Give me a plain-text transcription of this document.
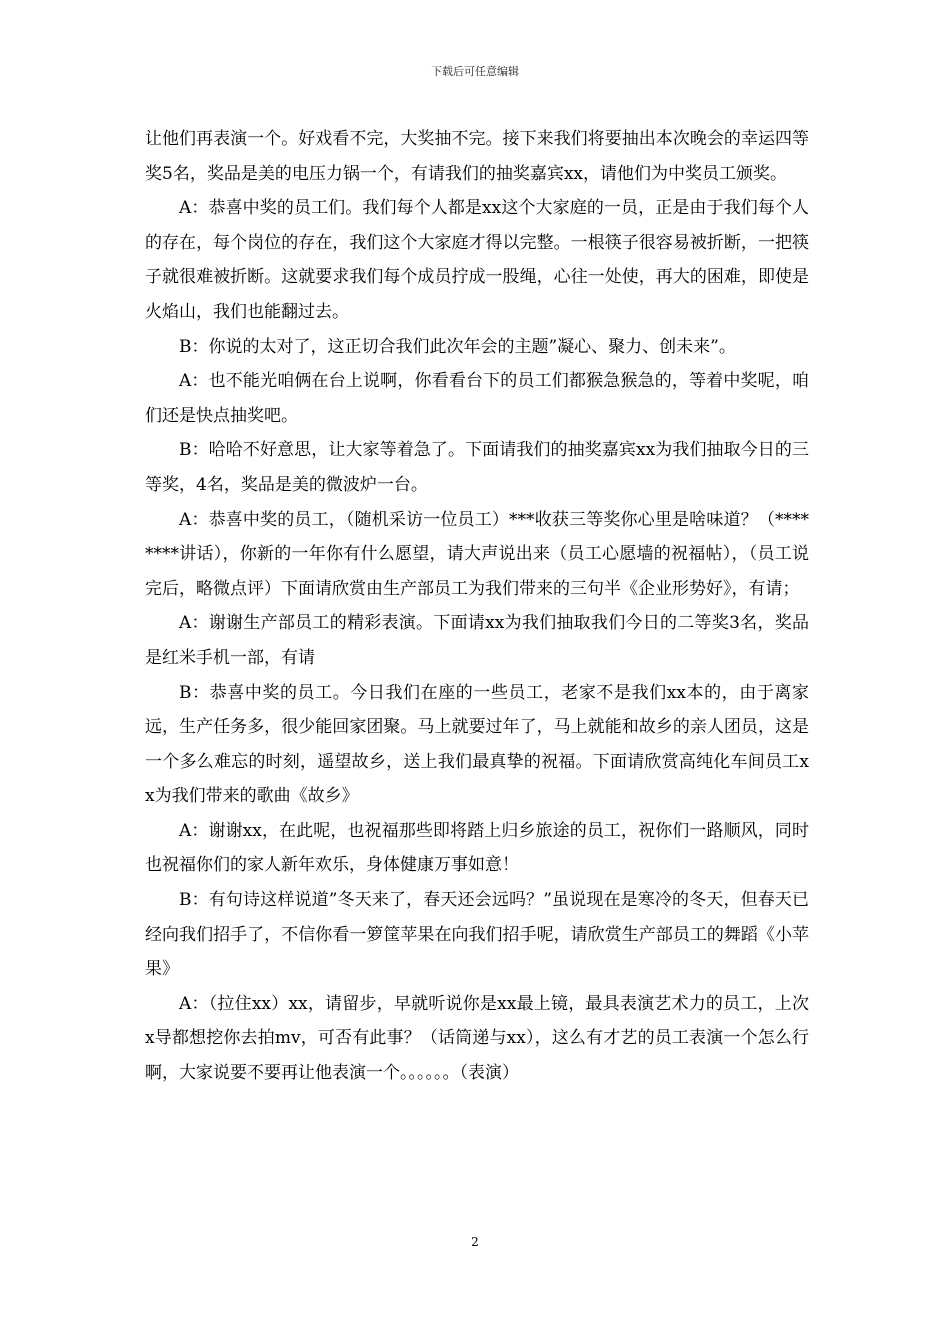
下载后可任意编辑

让他们再表演一个。好戏看不完，大奖抽不完。接下来我们将要抽出本次晚会的幸运四等奖5名，奖品是美的电压力锅一个，有请我们的抽奖嘉宾xx，请他们为中奖员工颁奖。

A：恭喜中奖的员工们。我们每个人都是xx这个大家庭的一员，正是由于我们每个人的存在，每个岗位的存在，我们这个大家庭才得以完整。一根筷子很容易被折断，一把筷子就很难被折断。这就要求我们每个成员拧成一股绳，心往一处使，再大的困难，即使是火焰山，我们也能翻过去。

B：你说的太对了，这正切合我们此次年会的主题”凝心、聚力、创未来”。

A：也不能光咱俩在台上说啊，你看看台下的员工们都猴急猴急的，等着中奖呢，咱们还是快点抽奖吧。

B：哈哈不好意思，让大家等着急了。下面请我们的抽奖嘉宾xx为我们抽取今日的三等奖，4名，奖品是美的微波炉一台。

A：恭喜中奖的员工，（随机采访一位员工）***收获三等奖你心里是啥味道？（********讲话），你新的一年你有什么愿望，请大声说出来（员工心愿墙的祝福帖），（员工说完后，略微点评）下面请欣赏由生产部员工为我们带来的三句半《企业形势好》，有请；

A：谢谢生产部员工的精彩表演。下面请xx为我们抽取我们今日的二等奖3名，奖品是红米手机一部，有请

B：恭喜中奖的员工。今日我们在座的一些员工，老家不是我们xx本的，由于离家远，生产任务多，很少能回家团聚。马上就要过年了，马上就能和故乡的亲人团员，这是一个多么难忘的时刻，遥望故乡，送上我们最真挚的祝福。下面请欣赏高纯化车间员工xx为我们带来的歌曲《故乡》

A：谢谢xx，在此呢，也祝福那些即将踏上归乡旅途的员工，祝你们一路顺风，同时也祝福你们的家人新年欢乐，身体健康万事如意！

B：有句诗这样说道”冬天来了，春天还会远吗？”虽说现在是寒冷的冬天，但春天已经向我们招手了，不信你看一箩筐苹果在向我们招手呢，请欣赏生产部员工的舞蹈《小苹果》

A：（拉住xx）xx，请留步，早就听说你是xx最上镜，最具表演艺术力的员工，上次x导都想挖你去拍mv，可否有此事？（话筒递与xx），这么有才艺的员工表演一个怎么行啊，大家说要不要再让他表演一个。。。。。。（表演）

2
